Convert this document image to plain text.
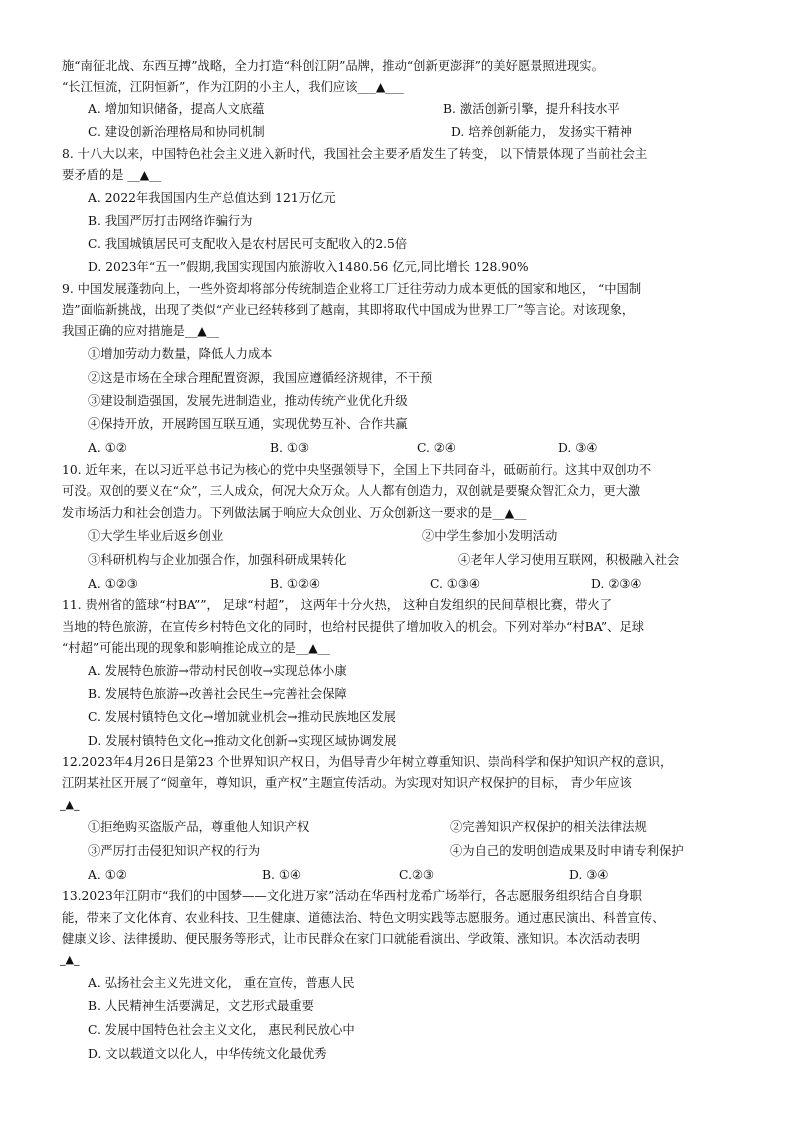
施“南征北战、东西互搏”战略，全力打造“科创江阴”品牌，推动“创新更澎湃”的美好愿景照进现实。
“长江恒流，江阴恒新”，作为江阴的小主人，我们应该___▲___
A. 增加知识储备，提高人文底蕴	B. 激活创新引擎，提升科技水平
C. 建设创新治理格局和协同机制	D. 培养创新能力， 发扬实干精神
8. 十八大以来，中国特色社会主义进入新时代，我国社会主要矛盾发生了转变， 以下情景体现了当前社会主
要矛盾的是 __▲__
A. 2022年我国国内生产总值达到 121万亿元
B. 我国严厉打击网络诈骗行为
C. 我国城镇居民可支配收入是农村居民可支配收入的2.5倍
D. 2023年“五一”假期,我国实现国内旅游收入1480.56 亿元,同比增长 128.90%
9. 中国发展蓬勃向上，一些外资却将部分传统制造企业将工厂迁往劳动力成本更低的国家和地区， “中国制
造”面临新挑战，出现了类似“产业已经转移到了越南，其即将取代中国成为世界工厂”等言论。对该现象，
我国正确的应对措施是__▲__
①增加劳动力数量，降低人力成本
②这是市场在全球合理配置资源，我国应遵循经济规律，不干预
③建设制造强国，发展先进制造业，推动传统产业优化升级
④保持开放，开展跨国互联互通，实现优势互补、合作共赢
A. ①②	B. ①③	C. ②④	D. ③④
10. 近年来，在以习近平总书记为核心的党中央坚强领导下，全国上下共同奋斗，砥砺前行。这其中双创功不
可没。双创的要义在“众”，三人成众，何况大众万众。人人都有创造力，双创就是要聚众智汇众力，更大激
发市场活力和社会创造力。下列做法属于响应大众创业、万众创新这一要求的是__▲__
①大学生毕业后返乡创业	②中学生参加小发明活动
③科研机构与企业加强合作，加强科研成果转化	④老年人学习使用互联网，积极融入社会
A. ①②③	B. ①②④	C. ①③④	D. ②③④
11. 贵州省的篮球“村BA””， 足球“村超”， 这两年十分火热， 这种自发组织的民间草根比赛，带火了
当地的特色旅游，在宣传乡村特色文化的同时，也给村民提供了增加收入的机会。下列对举办“村BA”、足球
“村超”可能出现的现象和影响推论成立的是__▲__
A. 发展特色旅游→带动村民创收→实现总体小康
B. 发展特色旅游→改善社会民生→完善社会保障
C. 发展村镇特色文化→增加就业机会→推动民族地区发展
D. 发展村镇特色文化→推动文化创新→实现区域协调发展
12.2023年4月26日是第23 个世界知识产权日，为倡导青少年树立尊重知识、崇尚科学和保护知识产权的意识，
江阴某社区开展了“阅童年，尊知识，重产权”主题宣传活动。为实现对知识产权保护的目标， 青少年应该
_▲_
①拒绝购买盗版产品，尊重他人知识产权	②完善知识产权保护的相关法律法规
③严厉打击侵犯知识产权的行为	④为自己的发明创造成果及时申请专利保护
A. ①②	B. ①④	C.②③	D. ③④
13.2023年江阴市“我们的中国梦——文化进万家”活动在华西村龙希广场举行，各志愿服务组织结合自身职
能，带来了文化体育、农业科技、卫生健康、道德法治、特色文明实践等志愿服务。通过惠民演出、科普宣传、
健康义诊、法律援助、便民服务等形式，让市民群众在家门口就能看演出、学政策、涨知识。本次活动表明
_▲_
A. 弘扬社会主义先进文化， 重在宣传，普惠人民
B. 人民精神生活要满足，文艺形式最重要
C. 发展中国特色社会主义文化， 惠民利民放心中
D. 文以载道文以化人，中华传统文化最优秀
